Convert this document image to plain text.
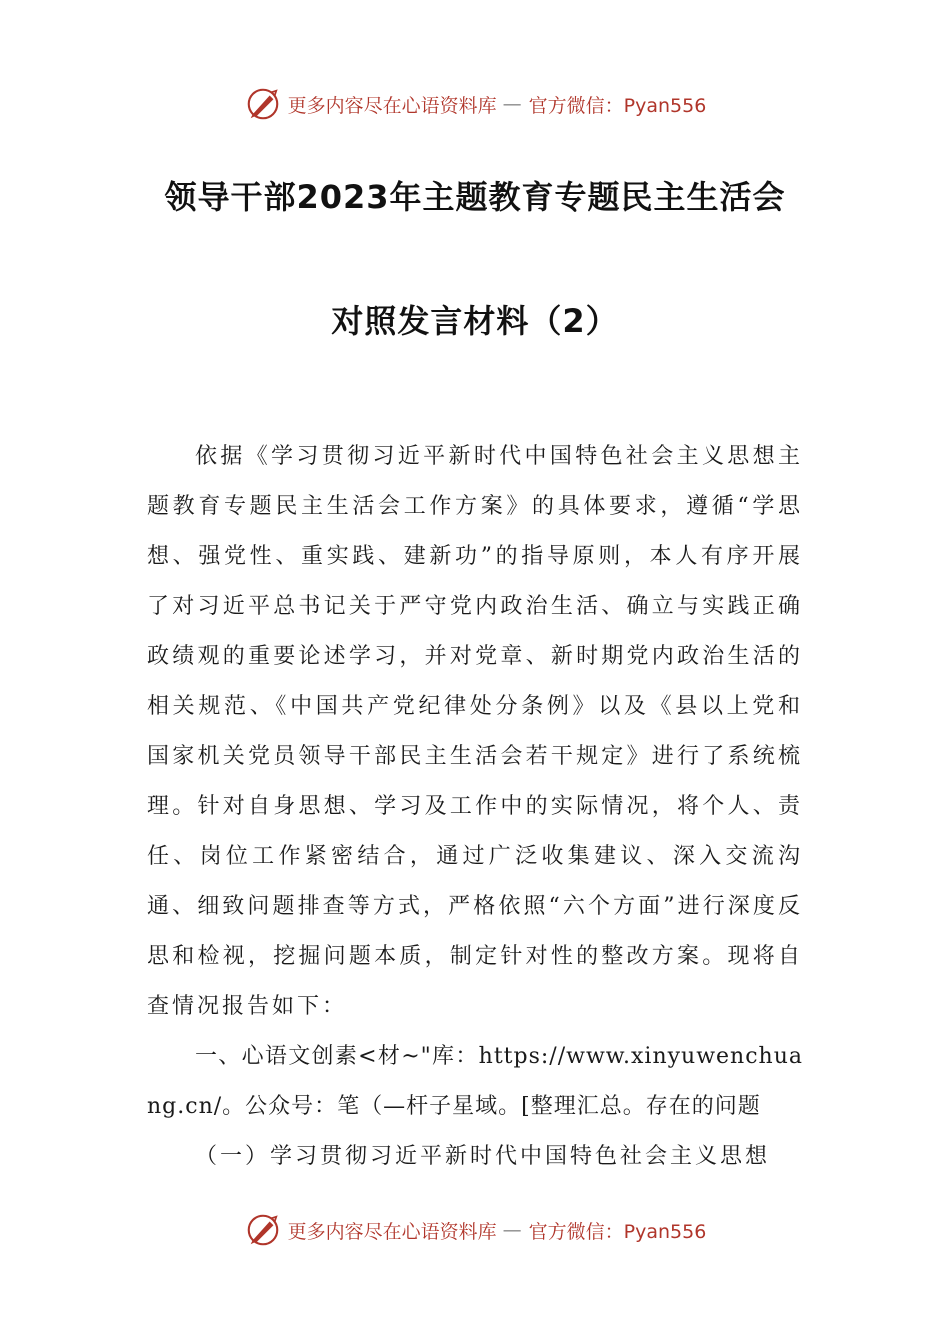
更多内容尽在心语资料库 — 官方微信：Pyan556
领导干部2023年主题教育专题民主生活会
对照发言材料（2）

依据《学习贯彻习近平新时代中国特色社会主义思想主题教育专题民主生活会工作方案》的具体要求，遵循“学思想、强党性、重实践、建新功”的指导原则，本人有序开展了对习近平总书记关于严守党内政治生活、确立与实践正确政绩观的重要论述学习，并对党章、新时期党内政治生活的相关规范、《中国共产党纪律处分条例》以及《县以上党和国家机关党员领导干部民主生活会若干规定》进行了系统梳理。针对自身思想、学习及工作中的实际情况，将个人、责任、岗位工作紧密结合，通过广泛收集建议、深入交流沟通、细致问题排查等方式，严格依照“六个方面”进行深度反思和检视，挖掘问题本质，制定针对性的整改方案。现将自查情况报告如下：

一、心语文创素<材~"库：https://www.xinyuwenchuang.cn/。公众号：笔（—杆子星域。[整理汇总。存在的问题

（一）学习贯彻习近平新时代中国特色社会主义思想

更多内容尽在心语资料库 — 官方微信：Pyan556
